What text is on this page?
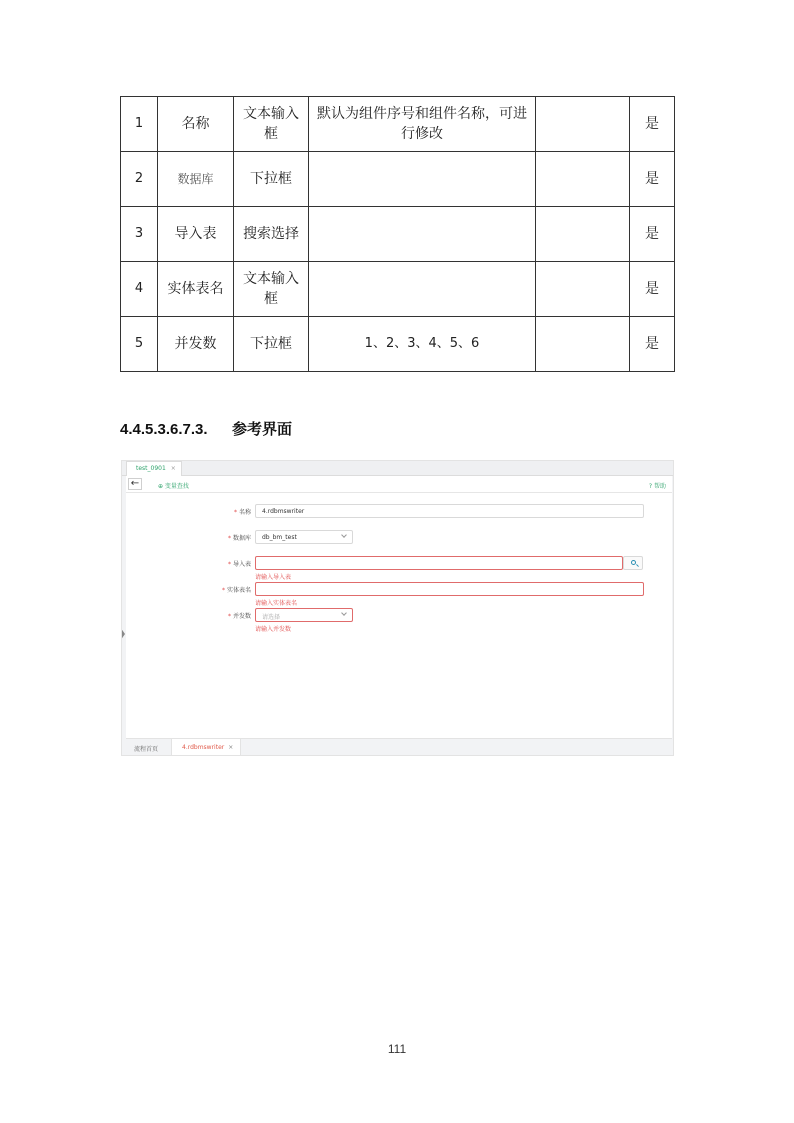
1	名称	文本输入框	默认为组件序号和组件名称，可进行修改		是
2	数据库	下拉框			是
3	导入表	搜索选择			是
4	实体表名	文本输入框			是
5	并发数	下拉框	1、2、3、4、5、6		是
4.4.5.3.6.7.3. 参考界面
test_0901 ×
←	⊕ 变量查找	? 帮助
* 名称	4.rdbmswriter
* 数据库	db_bm_test
* 导入表
请输入导入表
* 实体表名
请输入实体表名
* 并发数	请选择
请输入并发数
流程首页	4.rdbmswriter ×
111
